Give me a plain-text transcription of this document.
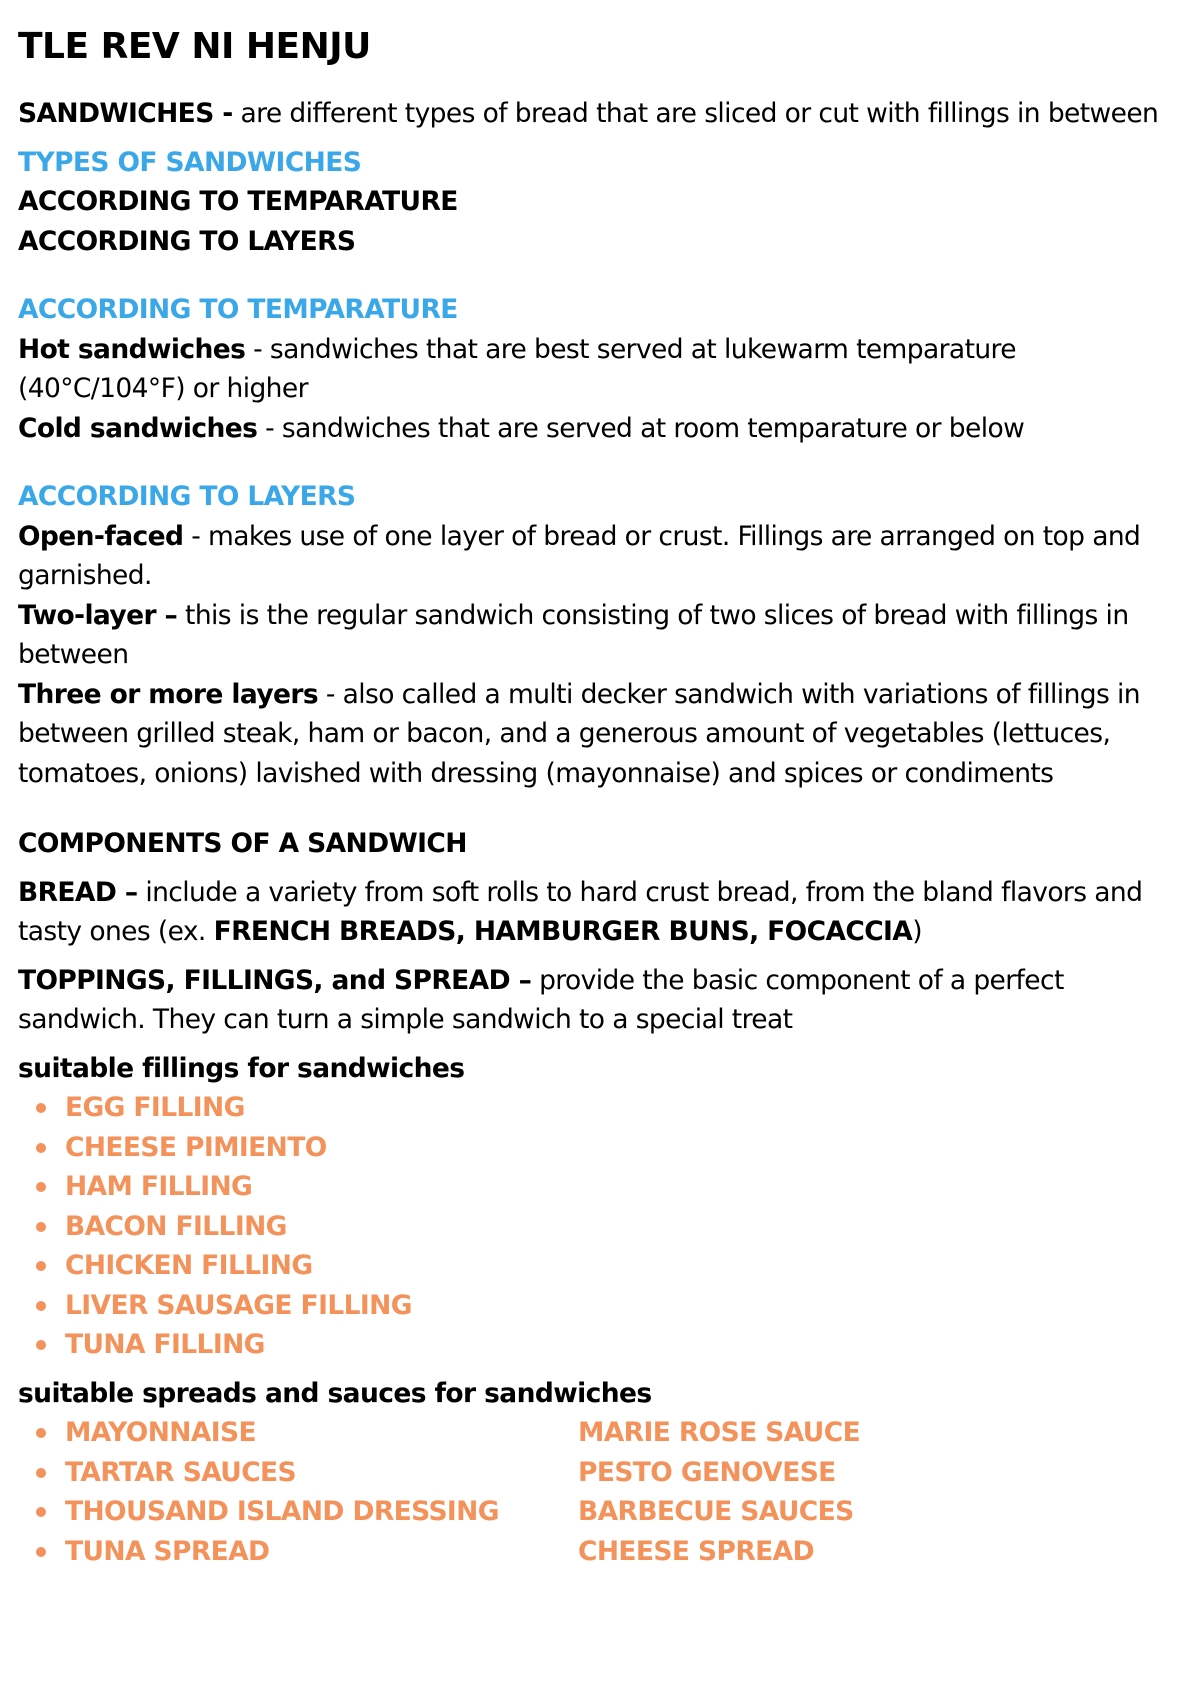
TLE REV NI HENJU

SANDWICHES - are different types of bread that are sliced or cut with fillings in between

TYPES OF SANDWICHES

ACCORDING TO TEMPARATURE

ACCORDING TO LAYERS

ACCORDING TO TEMPARATURE

Hot sandwiches - sandwiches that are best served at lukewarm temparature (40°C/104°F) or higher

Cold sandwiches - sandwiches that are served at room temparature or below

ACCORDING TO LAYERS

Open-faced - makes use of one layer of bread or crust. Fillings are arranged on top and garnished.

Two-layer – this is the regular sandwich consisting of two slices of bread with fillings in between

Three or more layers - also called a multi decker sandwich with variations of fillings in between grilled steak, ham or bacon, and a generous amount of vegetables (lettuces, tomatoes, onions) lavished with dressing (mayonnaise) and spices or condiments

COMPONENTS OF A SANDWICH

BREAD – include a variety from soft rolls to hard crust bread, from the bland flavors and tasty ones (ex. FRENCH BREADS, HAMBURGER BUNS, FOCACCIA)

TOPPINGS, FILLINGS, and SPREAD – provide the basic component of a perfect sandwich. They can turn a simple sandwich to a special treat

suitable fillings for sandwiches

EGG FILLING
CHEESE PIMIENTO
HAM FILLING
BACON FILLING
CHICKEN FILLING
LIVER SAUSAGE FILLING
TUNA FILLING

suitable spreads and sauces for sandwiches

MAYONNAISE
TARTAR SAUCES
THOUSAND ISLAND DRESSING
TUNA SPREAD
MARIE ROSE SAUCE
PESTO GENOVESE
BARBECUE SAUCES
CHEESE SPREAD
